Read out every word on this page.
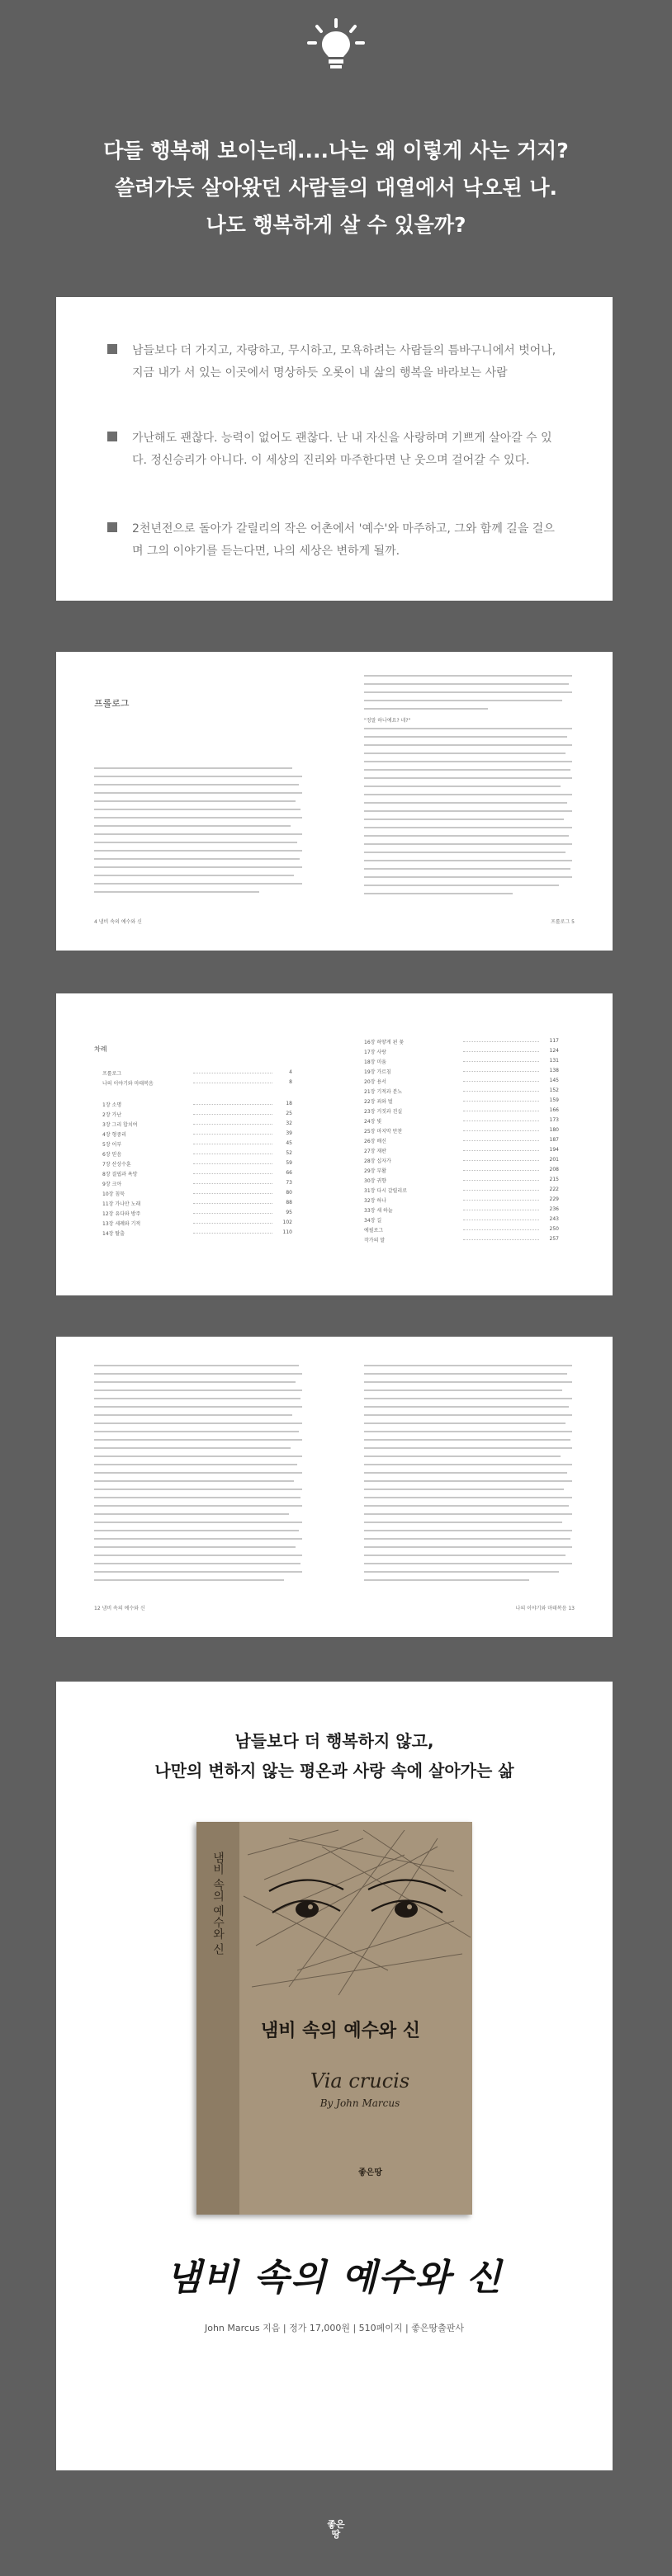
다들 행복해 보이는데....나는 왜 이렇게 사는 거지?
쓸려가듯 살아왔던 사람들의 대열에서 낙오된 나.
나도 행복하게 살 수 있을까?
남들보다 더 가지고, 자랑하고, 무시하고, 모욕하려는 사람들의 틈바구니에서 벗어나, 지금 내가 서 있는 이곳에서 명상하듯 오롯이 내 삶의 행복을 바라보는 사람
가난해도 괜찮다. 능력이 없어도 괜찮다. 난 내 자신을 사랑하며 기쁘게 살아갈 수 있다. 정신승리가 아니다. 이 세상의 진리와 마주한다면 난 웃으며 걸어갈 수 있다.
2천년전으로 돌아가 갈릴리의 작은 어촌에서 '예수'와 마주하고, 그와 함께 길을 걸으며 그의 이야기를 듣는다면, 나의 세상은 변하게 될까.
프롤로그
4 냄비 속의 예수와 신
"정말 하나예요? 네?"
프롤로그 5
차례
프롤로그	4
나의 이야기와 마태복음	8
1장 소명	18
2장 가난	25
3장 그리 합치여	32
4장 형중리	39
5장 어부	45
6장 믿음	52
7장 산상수훈	59
8장 결핍과 욕망	66
9장 크아	73
10장 침묵	80
11장 가나안 노래	88
12장 유다와 방주	95
13장 세례와 기적	102
14장 탈출	110
16장 하얗게 핀 꽃	117
17장 사랑	124
18장 미움	131
19장 가르침	138
20장 용서	145
21장 기적과 분노	152
22장 죄와 벌	159
23장 거짓과 진실	166
24장 빛	173
25장 마지막 만찬	180
26장 배신	187
27장 재판	194
28장 십자가	201
29장 부활	208
30장 귀향	215
31장 다시 갈릴리로	222
32장 하나	229
33장 새 하늘	236
34장 길	243
에필로그	250
작가의 말	257
12 냄비 속의 예수와 신	나의 이야기와 마태복음 13
남들보다 더 행복하지 않고,
나만의 변하지 않는 평온과 사랑 속에 살아가는 삶
냄비 속의 예수와 신
냄비 속의 예수와 신
Via crucis
By John Marcus
좋은땅
냄비 속의 예수와 신
John Marcus 지음 | 정가 17,000원 | 510페이지 | 좋은땅출판사
좋은
땅
